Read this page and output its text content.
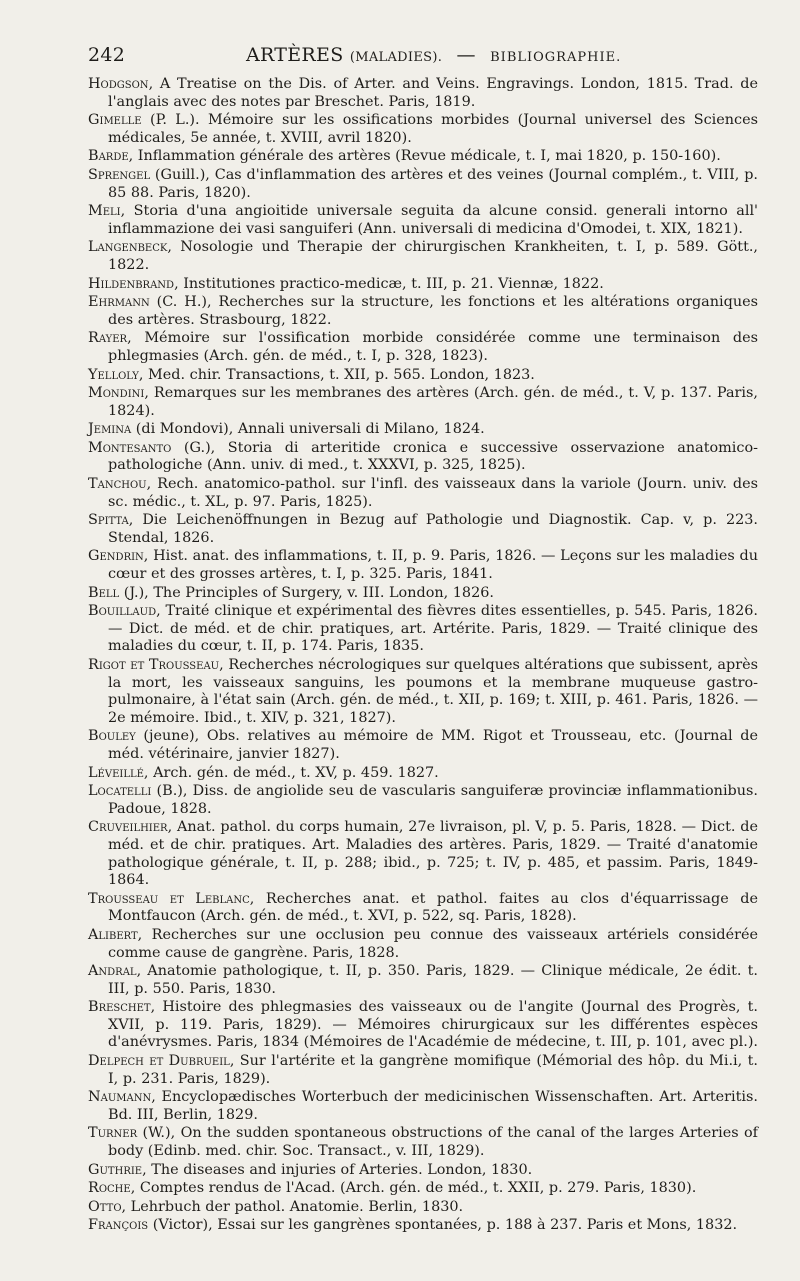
242	ARTÈRES (MALADIES). — BIBLIOGRAPHIE.

Hodgson, A Treatise on the Dis. of Arter. and Veins. Engravings. London, 1815. Trad. de l'anglais avec des notes par Breschet. Paris, 1819.

Gimelle (P. L.). Mémoire sur les ossifications morbides (Journal universel des Sciences médicales, 5e année, t. XVIII, avril 1820).

Barde, Inflammation générale des artères (Revue médicale, t. I, mai 1820, p. 150-160).

Sprengel (Guill.), Cas d'inflammation des artères et des veines (Journal complém., t. VIII, p. 85 88. Paris, 1820).

Meli, Storia d'una angioitide universale seguita da alcune consid. generali intorno all' inflammazione dei vasi sanguiferi (Ann. universali di medicina d'Omodei, t. XIX, 1821).

Langenbeck, Nosologie und Therapie der chirurgischen Krankheiten, t. I, p. 589. Gött., 1822.

Hildenbrand, Institutiones practico-medicæ, t. III, p. 21. Viennæ, 1822.

Ehrmann (C. H.), Recherches sur la structure, les fonctions et les altérations organiques des artères. Strasbourg, 1822.

Rayer, Mémoire sur l'ossification morbide considérée comme une terminaison des phlegmasies (Arch. gén. de méd., t. I, p. 328, 1823).

Yelloly, Med. chir. Transactions, t. XII, p. 565. London, 1823.

Mondini, Remarques sur les membranes des artères (Arch. gén. de méd., t. V, p. 137. Paris, 1824).

Jemina (di Mondovi), Annali universali di Milano, 1824.

Montesanto (G.), Storia di arteritide cronica e successive osservazione anatomico-pathologiche (Ann. univ. di med., t. XXXVI, p. 325, 1825).

Tanchou, Rech. anatomico-pathol. sur l'infl. des vaisseaux dans la variole (Journ. univ. des sc. médic., t. XL, p. 97. Paris, 1825).

Spitta, Die Leichenöffnungen in Bezug auf Pathologie und Diagnostik. Cap. v, p. 223. Stendal, 1826.

Gendrin, Hist. anat. des inflammations, t. II, p. 9. Paris, 1826. — Leçons sur les maladies du cœur et des grosses artères, t. I, p. 325. Paris, 1841.

Bell (J.), The Principles of Surgery, v. III. London, 1826.

Bouillaud, Traité clinique et expérimental des fièvres dites essentielles, p. 545. Paris, 1826. — Dict. de méd. et de chir. pratiques, art. Artérite. Paris, 1829. — Traité clinique des maladies du cœur, t. II, p. 174. Paris, 1835.

Rigot et Trousseau, Recherches nécrologiques sur quelques altérations que subissent, après la mort, les vaisseaux sanguins, les poumons et la membrane muqueuse gastro-pulmonaire, à l'état sain (Arch. gén. de méd., t. XII, p. 169; t. XIII, p. 461. Paris, 1826. — 2e mémoire. Ibid., t. XIV, p. 321, 1827).

Bouley (jeune), Obs. relatives au mémoire de MM. Rigot et Trousseau, etc. (Journal de méd. vétérinaire, janvier 1827).

Léveillé, Arch. gén. de méd., t. XV, p. 459. 1827.

Locatelli (B.), Diss. de angiolide seu de vascularis sanguiferæ provinciæ inflammationibus. Padoue, 1828.

Cruveilhier, Anat. pathol. du corps humain, 27e livraison, pl. V, p. 5. Paris, 1828. — Dict. de méd. et de chir. pratiques. Art. Maladies des artères. Paris, 1829. — Traité d'anatomie pathologique générale, t. II, p. 288; ibid., p. 725; t. IV, p. 485, et passim. Paris, 1849-1864.

Trousseau et Leblanc, Recherches anat. et pathol. faites au clos d'équarrissage de Montfaucon (Arch. gén. de méd., t. XVI, p. 522, sq. Paris, 1828).

Alibert, Recherches sur une occlusion peu connue des vaisseaux artériels considérée comme cause de gangrène. Paris, 1828.

Andral, Anatomie pathologique, t. II, p. 350. Paris, 1829. — Clinique médicale, 2e édit. t. III, p. 550. Paris, 1830.

Breschet, Histoire des phlegmasies des vaisseaux ou de l'angite (Journal des Progrès, t. XVII, p. 119. Paris, 1829). — Mémoires chirurgicaux sur les différentes espèces d'anévrysmes. Paris, 1834 (Mémoires de l'Académie de médecine, t. III, p. 101, avec pl.).

Delpech et Dubrueil, Sur l'artérite et la gangrène momifique (Mémorial des hôp. du Mi.i, t. I, p. 231. Paris, 1829).

Naumann, Encyclopædisches Worterbuch der medicinischen Wissenschaften. Art. Arteritis. Bd. III, Berlin, 1829.

Turner (W.), On the sudden spontaneous obstructions of the canal of the larges Arteries of body (Edinb. med. chir. Soc. Transact., v. III, 1829).

Guthrie, The diseases and injuries of Arteries. London, 1830.

Roche, Comptes rendus de l'Acad. (Arch. gén. de méd., t. XXII, p. 279. Paris, 1830).

Otto, Lehrbuch der pathol. Anatomie. Berlin, 1830.

François (Victor), Essai sur les gangrènes spontanées, p. 188 à 237. Paris et Mons, 1832.
